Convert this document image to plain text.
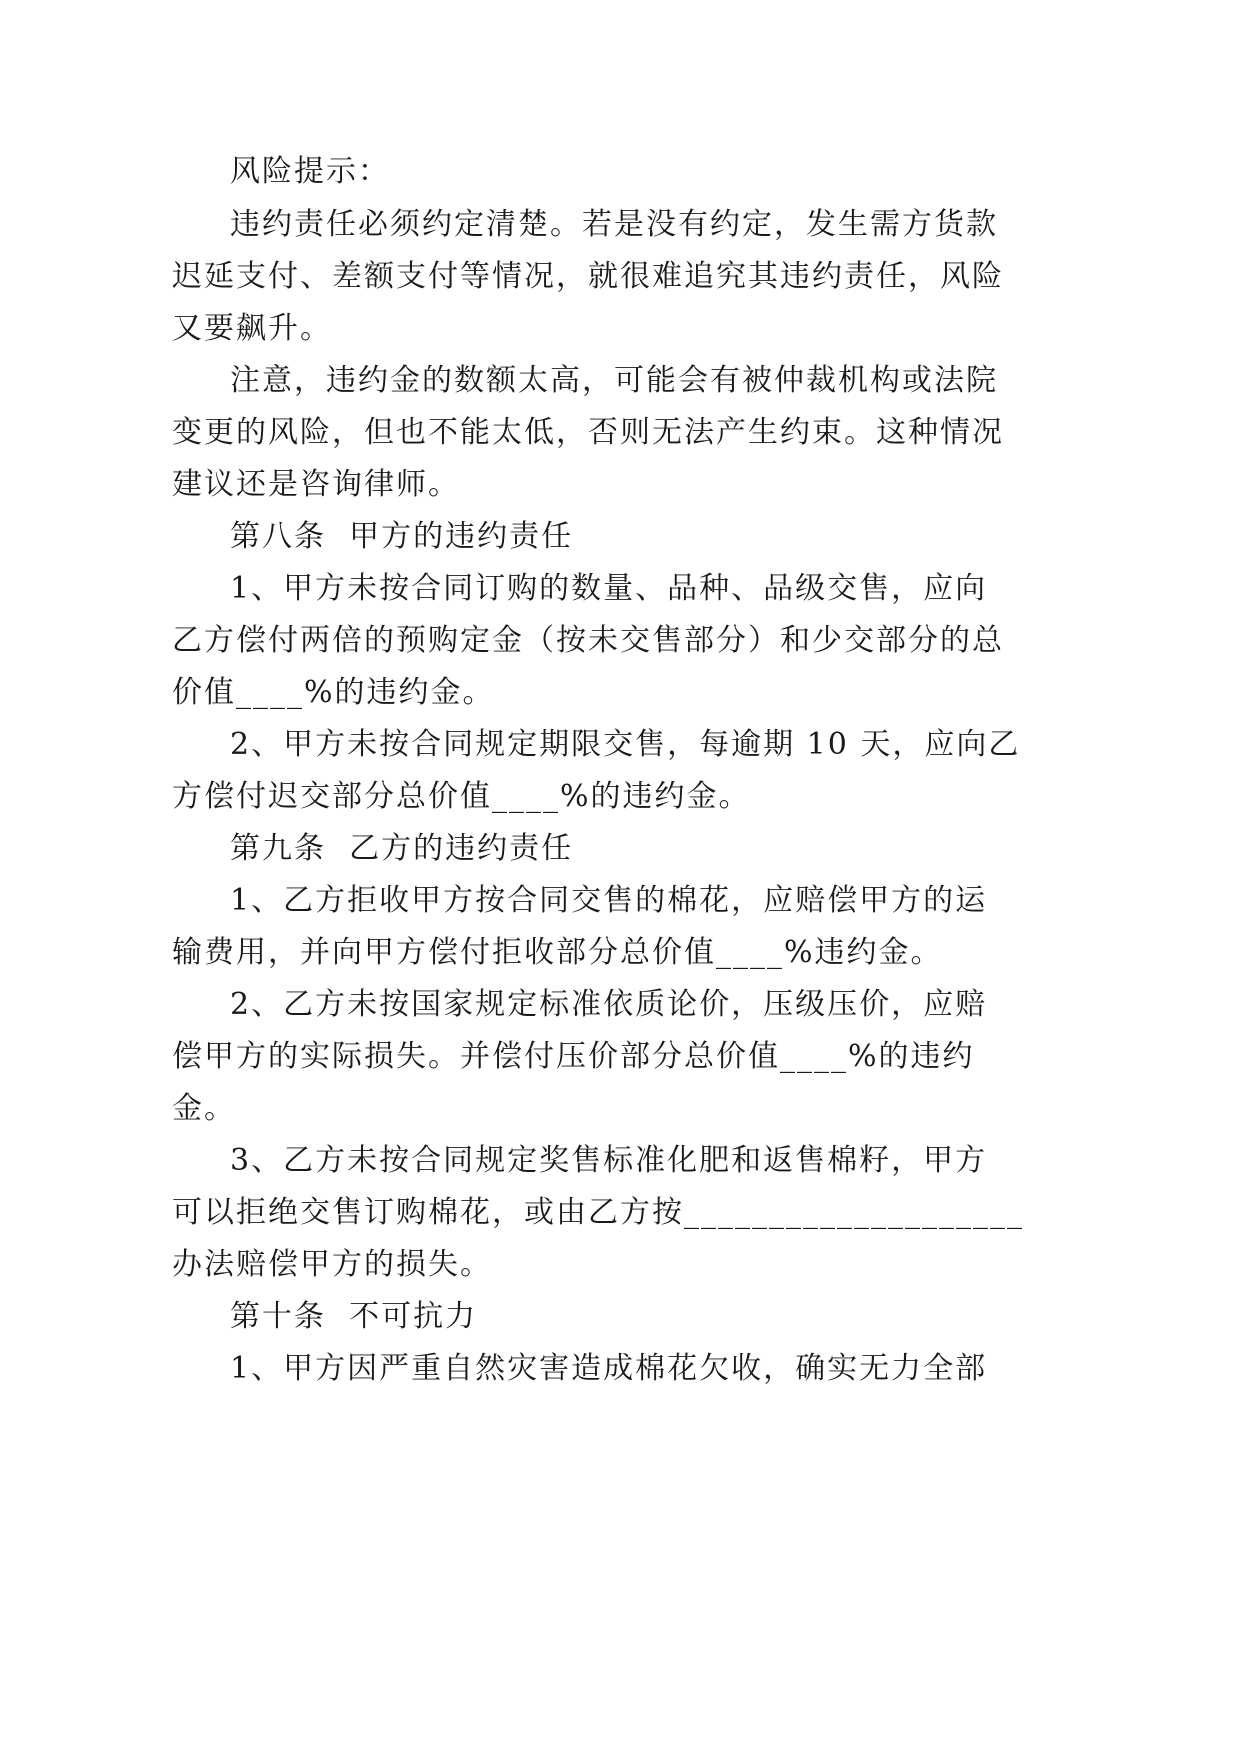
风险提示：
违约责任必须约定清楚。若是没有约定，发生需方货款
迟延支付、差额支付等情况，就很难追究其违约责任，风险
又要飙升。
注意，违约金的数额太高，可能会有被仲裁机构或法院
变更的风险，但也不能太低，否则无法产生约束。这种情况
建议还是咨询律师。
第八条  甲方的违约责任
1、甲方未按合同订购的数量、品种、品级交售，应向
乙方偿付两倍的预购定金（按未交售部分）和少交部分的总
价值____%的违约金。
2、甲方未按合同规定期限交售，每逾期 10 天，应向乙
方偿付迟交部分总价值____%的违约金。
第九条  乙方的违约责任
1、乙方拒收甲方按合同交售的棉花，应赔偿甲方的运
输费用，并向甲方偿付拒收部分总价值____%违约金。
2、乙方未按国家规定标准依质论价，压级压价，应赔
偿甲方的实际损失。并偿付压价部分总价值____%的违约
金。
3、乙方未按合同规定奖售标准化肥和返售棉籽，甲方
可以拒绝交售订购棉花，或由乙方按____________________
办法赔偿甲方的损失。
第十条  不可抗力
1、甲方因严重自然灾害造成棉花欠收，确实无力全部
